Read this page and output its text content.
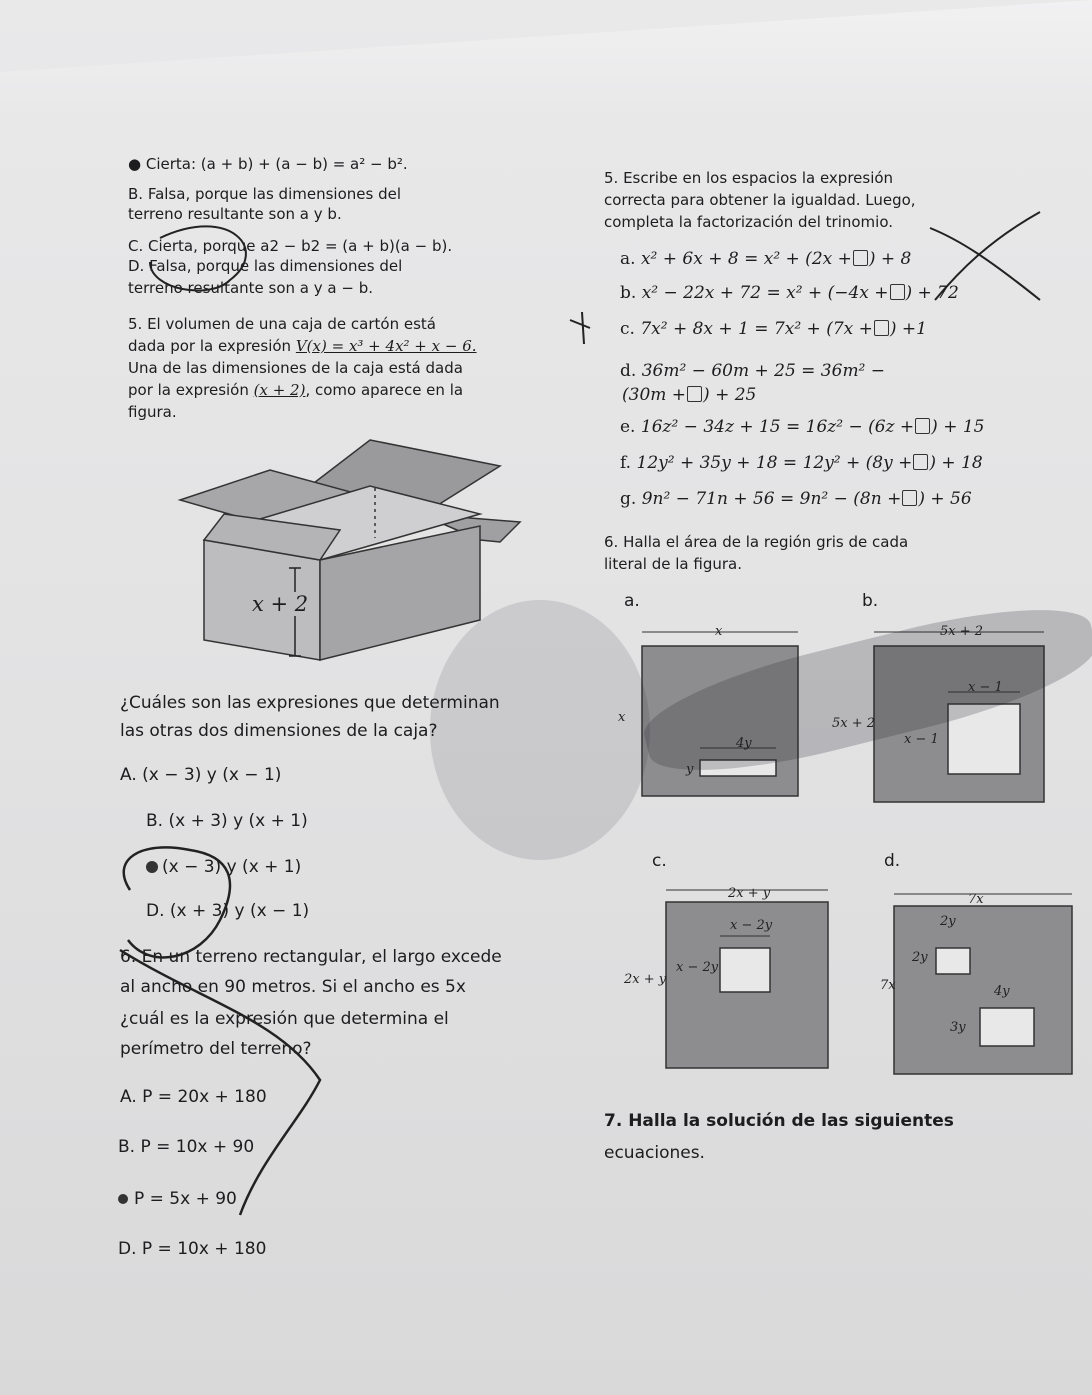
● Cierta: (a + b) + (a − b) = a² − b².
B. Falsa, porque las dimensiones del
terreno resultante son a y b.
C. Cierta, porque a2 − b2 = (a + b)(a − b).
D. Falsa, porque las dimensiones del
terreno resultante son a y a − b.
5. El volumen de una caja de cartón está
dada por la expresión V(x) = x³ + 4x² + x − 6.
Una de las dimensiones de la caja está dada
por la expresión (x + 2), como aparece en la
figura.
x + 2
¿Cuáles son las expresiones que determinan
las otras dos dimensiones de la caja?
A. (x − 3) y (x − 1)
B. (x + 3) y (x + 1)
(x − 3) y (x + 1)
D. (x + 3) y (x − 1)
6. En un terreno rectangular, el largo excede
al ancho en 90 metros. Si el ancho es 5x
¿cuál es la expresión que determina el
perímetro del terreno?
A. P = 20x + 180
B. P = 10x + 90
P = 5x + 90
D. P = 10x + 180
5. Escribe en los espacios la expresión
correcta para obtener la igualdad. Luego,
completa la factorización del trinomio.
a. x² + 6x + 8 = x² + (2x + ) + 8
b. x² − 22x + 72 = x² + (−4x + ) + 72
c. 7x² + 8x + 1 = 7x² + (7x + ) +1
d. 36m² − 60m + 25 = 36m² −
(30m + ) + 25
e. 16z² − 34z + 15 = 16z² − (6z + ) + 15
f. 12y² + 35y + 18 = 12y² + (8y + ) + 18
g. 9n² − 71n + 56 = 9n² − (8n + ) + 56
6. Halla el área de la región gris de cada
literal de la figura.
a.
x
x
4y
y
b.
5x + 2
5x + 2
x − 1
x − 1
c.
2x + y
2x + y
x − 2y
x − 2y
d.
7x
7x
2y
2y
4y
3y
7. Halla la solución de las siguientes
ecuaciones.
